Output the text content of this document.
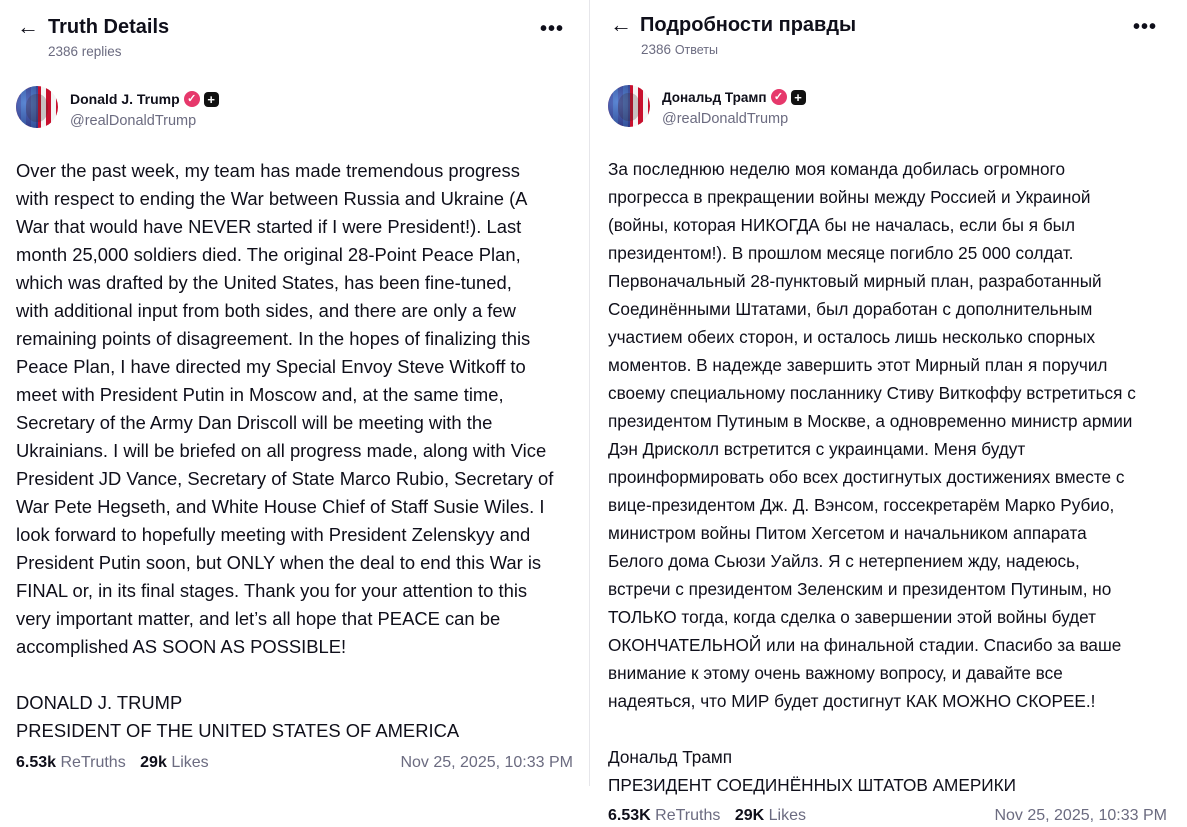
← Truth Details
2386 replies
•••
Donald J. Trump ✓ +
@realDonaldTrump
Over the past week, my team has made tremendous progress
with respect to ending the War between Russia and Ukraine (A
War that would have NEVER started if I were President!). Last
month 25,000 soldiers died. The original 28-Point Peace Plan,
which was drafted by the United States, has been fine-tuned,
with additional input from both sides, and there are only a few
remaining points of disagreement. In the hopes of finalizing this
Peace Plan, I have directed my Special Envoy Steve Witkoff to
meet with President Putin in Moscow and, at the same time,
Secretary of the Army Dan Driscoll will be meeting with the
Ukrainians. I will be briefed on all progress made, along with Vice
President JD Vance, Secretary of State Marco Rubio, Secretary of
War Pete Hegseth, and White House Chief of Staff Susie Wiles. I
look forward to hopefully meeting with President Zelenskyy and
President Putin soon, but ONLY when the deal to end this War is
FINAL or, in its final stages. Thank you for your attention to this
very important matter, and let’s all hope that PEACE can be
accomplished AS SOON AS POSSIBLE!
DONALD J. TRUMP
PRESIDENT OF THE UNITED STATES OF AMERICA
6.53k ReTruths 29k Likes	Nov 25, 2025, 10:33 PM
← Подробности правды
2386 Ответы
•••
Дональд Трамп ✓ +
@realDonaldTrump
За последнюю неделю моя команда добилась огромного
прогресса в прекращении войны между Россией и Украиной
(войны, которая НИКОГДА бы не началась, если бы я был
президентом!). В прошлом месяце погибло 25 000 солдат.
Первоначальный 28-пунктовый мирный план, разработанный
Соединёнными Штатами, был доработан с дополнительным
участием обеих сторон, и осталось лишь несколько спорных
моментов. В надежде завершить этот Мирный план я поручил
своему специальному посланнику Стиву Виткоффу встретиться с
президентом Путиным в Москве, а одновременно министр армии
Дэн Дрисколл встретится с украинцами. Меня будут
проинформировать обо всех достигнутых достижениях вместе с
вице-президентом Дж. Д. Вэнсом, госсекретарём Марко Рубио,
министром войны Питом Хегсетом и начальником аппарата
Белого дома Сьюзи Уайлз. Я с нетерпением жду, надеюсь,
встречи с президентом Зеленским и президентом Путиным, но
ТОЛЬКО тогда, когда сделка о завершении этой войны будет
ОКОНЧАТЕЛЬНОЙ или на финальной стадии. Спасибо за ваше
внимание к этому очень важному вопросу, и давайте все
надеяться, что МИР будет достигнут КАК МОЖНО СКОРЕЕ.!
Дональд Трамп
ПРЕЗИДЕНТ СОЕДИНЁННЫХ ШТАТОВ АМЕРИКИ
6.53K ReTruths 29K Likes	Nov 25, 2025, 10:33 PM
